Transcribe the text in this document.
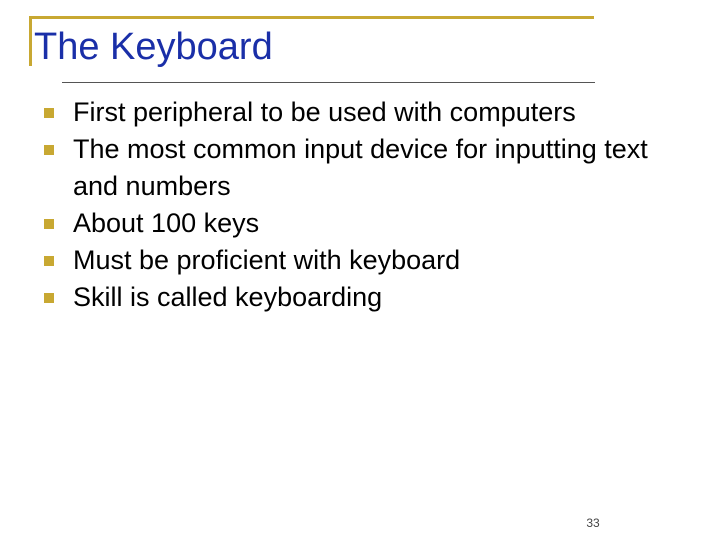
The Keyboard
First peripheral to be used with computers
The most common input device for inputting text and numbers
About 100 keys
Must be proficient with keyboard
Skill is called keyboarding
33
